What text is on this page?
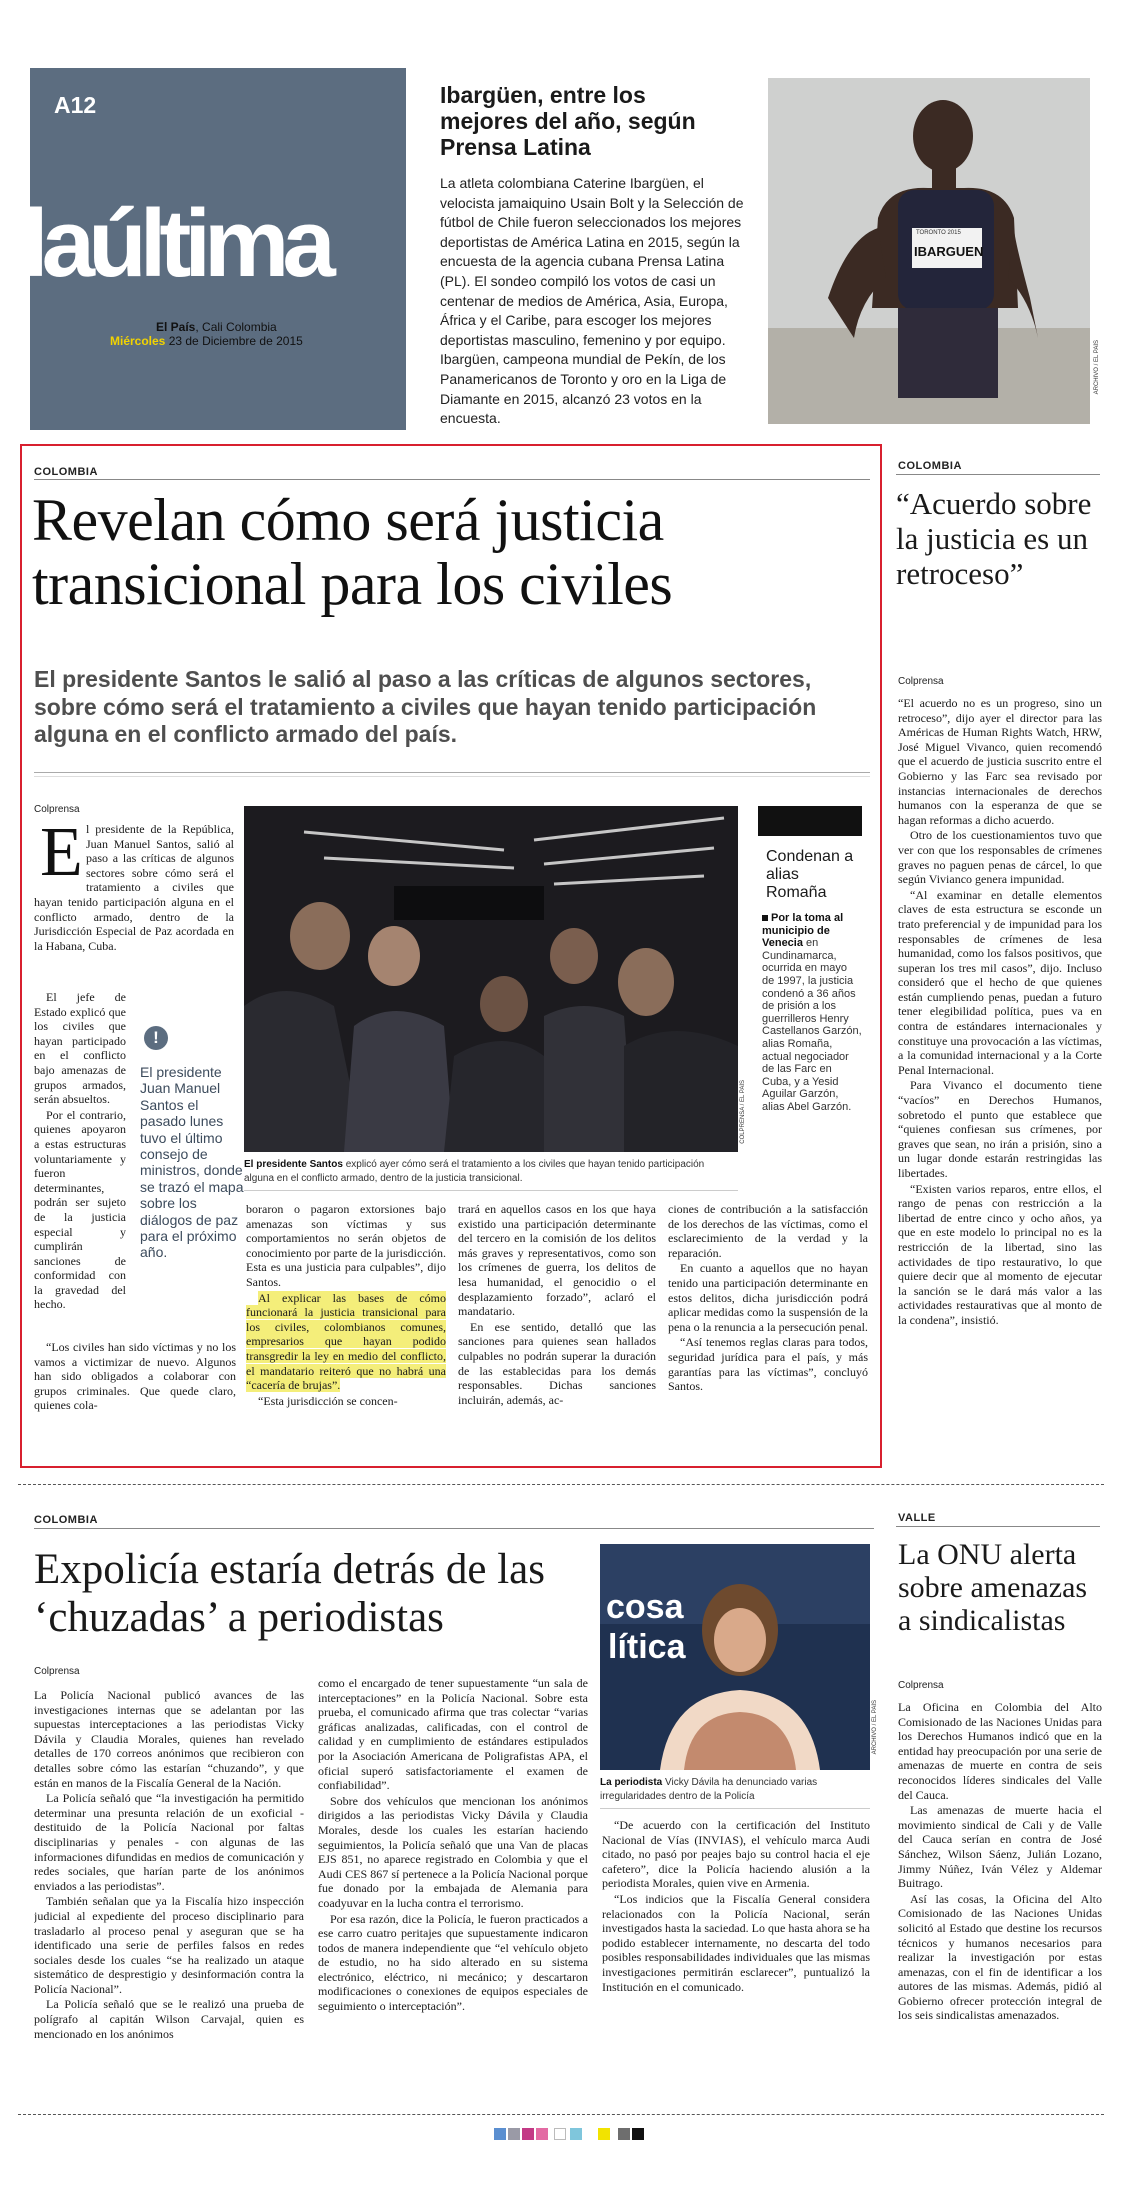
A12
laúltima
El País, Cali Colombia
Miércoles 23 de Diciembre de 2015
Ibargüen, entre los mejores del año, según Prensa Latina
La atleta colombiana Caterine Ibargüen, el velocista jamaiquino Usain Bolt y la Selección de fútbol de Chile fueron seleccionados los mejores deportistas de América Latina en 2015, según la encuesta de la agencia cubana Prensa Latina (PL). El sondeo compiló los votos de casi un centenar de medios de América, Asia, Europa, África y el Caribe, para escoger los mejores deportistas masculino, femenino y por equipo. Ibargüen, campeona mundial de Pekín, de los Panamericanos de Toronto y oro en la Liga de Diamante en 2015, alcanzó 23 votos en la encuesta.
TORONTO 2015
IBARGUEN
ARCHIVO / EL PAÍS
COLOMBIA
Revelan cómo será justicia transicional para los civiles
El presidente Santos le salió al paso a las críticas de algunos sectores, sobre cómo será el tratamiento a civiles que hayan tenido participación alguna en el conflicto armado del país.
Colprensa
E l presidente de la República, Juan Manuel Santos, salió al paso a las críticas de algunos sectores sobre cómo será el tratamiento a civiles que hayan tenido participación alguna en el conflicto armado, dentro de la Jurisdicción Especial de Paz acordada en la Habana, Cuba.

El jefe de Estado explicó que los civiles que hayan participado en el conflicto bajo amenazas de grupos armados, serán absueltos.

Por el contrario, quienes apoyaron a estas estructuras voluntariamente y fueron determinantes, podrán ser sujeto de la justicia especial y cumplirán sanciones de conformidad con la gravedad del hecho.

!
El presidente Juan Manuel Santos el pasado lunes tuvo el último consejo de ministros, donde se trazó el mapa sobre los diálogos de paz para el próximo año.

“Los civiles han sido víctimas y no los vamos a victimizar de nuevo. Algunos han sido obligados a colaborar con grupos criminales. Que quede claro, quienes cola-

COLPRENSA / EL PAÍS
El presidente Santos explicó ayer cómo será el tratamiento a los civiles que hayan tenido participación alguna en el conflicto armado, dentro de la justicia transicional.

boraron o pagaron extorsiones bajo amenazas son víctimas y sus comportamientos no serán objetos de conocimiento por parte de la jurisdicción. Esta es una justicia para culpables”, dijo Santos.

Al explicar las bases de cómo funcionará la justicia transicional para los civiles, colombianos comunes, empresarios que hayan podido transgredir la ley en medio del conflicto, el mandatario reiteró que no habrá una “cacería de brujas”.

“Esta jurisdicción se concen-

trará en aquellos casos en los que haya existido una participación determinante del tercero en la comisión de los delitos más graves y representativos, como son los crímenes de guerra, los delitos de lesa humanidad, el genocidio o el desplazamiento forzado”, aclaró el mandatario.

En ese sentido, detalló que las sanciones para quienes sean hallados culpables no podrán superar la duración de las establecidas para los demás responsables. Dichas sanciones incluirán, además, ac-

ciones de contribución a la satisfacción de los derechos de las víctimas, como el esclarecimiento de la verdad y la reparación.

En cuanto a aquellos que no hayan tenido una participación determinante en estos delitos, dicha jurisdicción podrá aplicar medidas como la suspensión de la pena o la renuncia a la persecución penal.

“Así tenemos reglas claras para todos, seguridad jurídica para el país, y más garantías para las víctimas”, concluyó Santos.

Condenan a alias Romaña
Por la toma al municipio de Venecia en Cundinamarca, ocurrida en mayo de 1997, la justicia condenó a 36 años de prisión a los guerrilleros Henry Castellanos Garzón, alias Romaña, actual negociador de las Farc en Cuba, y a Yesid Aguilar Garzón, alias Abel Garzón.
COLOMBIA
“Acuerdo sobre la justicia es un retroceso”
Colprensa

“El acuerdo no es un progreso, sino un retroceso”, dijo ayer el director para las Américas de Human Rights Watch, HRW, José Miguel Vivanco, quien recomendó que el acuerdo de justicia suscrito entre el Gobierno y las Farc sea revisado por instancias internacionales de derechos humanos con la esperanza de que se hagan reformas a dicho acuerdo.

Otro de los cuestionamientos tuvo que ver con que los responsables de crímenes graves no paguen penas de cárcel, lo que según Vivianco genera impunidad.

“Al examinar en detalle elementos claves de esta estructura se esconde un trato preferencial y de impunidad para los responsables de crímenes de lesa humanidad, como los falsos positivos, que superan los tres mil casos”, dijo. Incluso consideró que el hecho de que quienes están cumpliendo penas, puedan a futuro tener elegibilidad política, pues va en contra de estándares internacionales y constituye una provocación a las víctimas, a la comunidad internacional y a la Corte Penal Internacional.

Para Vivanco el documento tiene “vacíos” en Derechos Humanos, sobretodo el punto que establece que “quienes confiesan sus crímenes, por graves que sean, no irán a prisión, sino a un lugar donde estarán restringidas las libertades.

“Existen varios reparos, entre ellos, el rango de penas con restricción a la libertad de entre cinco y ocho años, ya que en este modelo lo principal no es la restricción de la libertad, sino las actividades de tipo restaurativo, lo que quiere decir que al momento de ejecutar la sanción se le dará más valor a las actividades restaurativas que al monto de la condena”, insistió.

COLOMBIA
Expolicía estaría detrás de las ‘chuzadas’ a periodistas
Colprensa

La Policía Nacional publicó avances de las investigaciones internas que se adelantan por las supuestas interceptaciones a las periodistas Vicky Dávila y Claudia Morales, quienes han revelado detalles de 170 correos anónimos que recibieron con detalles sobre cómo las estarían “chuzando”, y que están en manos de la Fiscalía General de la Nación.

La Policía señaló que “la investigación ha permitido determinar una presunta relación de un exoficial - destituido de la Policía Nacional por faltas disciplinarias y penales - con algunas de las informaciones difundidas en medios de comunicación y redes sociales, que harían parte de los anónimos enviados a las periodistas”.

También señalan que ya la Fiscalía hizo inspección judicial al expediente del proceso disciplinario para trasladarlo al proceso penal y aseguran que se ha identificado una serie de perfiles falsos en redes sociales desde los cuales “se ha realizado un ataque sistemático de desprestigio y desinformación contra la Policía Nacional”.

La Policía señaló que se le realizó una prueba de polígrafo al capitán Wilson Carvajal, quien es mencionado en los anónimos

como el encargado de tener supuestamente “un sala de interceptaciones” en la Policía Nacional. Sobre esta prueba, el comunicado afirma que tras colectar “varias gráficas analizadas, calificadas, con el control de calidad y en cumplimiento de estándares estipulados por la Asociación Americana de Poligrafistas APA, el oficial superó satisfactoriamente el examen de confiabilidad”.

Sobre dos vehículos que mencionan los anónimos dirigidos a las periodistas Vicky Dávila y Claudia Morales, desde los cuales les estarían haciendo seguimientos, la Policía señaló que una Van de placas EJS 851, no aparece registrado en Colombia y que el Audi CES 867 sí pertenece a la Policía Nacional porque fue donado por la embajada de Alemania para coadyuvar en la lucha contra el terrorismo.

Por esa razón, dice la Policía, le fueron practicados a ese carro cuatro peritajes que supuestamente indicaron todos de manera independiente que “el vehículo objeto de estudio, no ha sido alterado en su sistema electrónico, eléctrico, ni mecánico; y descartaron modificaciones o conexiones de equipos especiales de seguimiento o interceptación”.

cosa
lítica
ARCHIVO / EL PAÍS
La periodista Vicky Dávila ha denunciado varias irregularidades dentro de la Policía

“De acuerdo con la certificación del Instituto Nacional de Vías (INVIAS), el vehículo marca Audi citado, no pasó por peajes bajo su control hacia el eje cafetero”, dice la Policía haciendo alusión a la periodista Morales, quien vive en Armenia.

“Los indicios que la Fiscalía General considera relacionados con la Policía Nacional, serán investigados hasta la saciedad. Lo que hasta ahora se ha podido establecer internamente, no descarta del todo posibles responsabilidades individuales que las mismas investigaciones permitirán esclarecer”, puntualizó la Institución en el comunicado.

VALLE
La ONU alerta sobre amenazas a sindicalistas
Colprensa

La Oficina en Colombia del Alto Comisionado de las Naciones Unidas para los Derechos Humanos indicó que en la entidad hay preocupación por una serie de amenazas de muerte en contra de seis reconocidos líderes sindicales del Valle del Cauca.

Las amenazas de muerte hacia el movimiento sindical de Cali y de Valle del Cauca serían en contra de José Sánchez, Wilson Sáenz, Julián Lozano, Jimmy Núñez, Iván Vélez y Aldemar Buitrago.

Así las cosas, la Oficina del Alto Comisionado de las Naciones Unidas solicitó al Estado que destine los recursos técnicos y humanos necesarios para realizar la investigación por estas amenazas, con el fin de identificar a los autores de las mismas. Además, pidió al Gobierno ofrecer protección integral de los seis sindicalistas amenazados.
